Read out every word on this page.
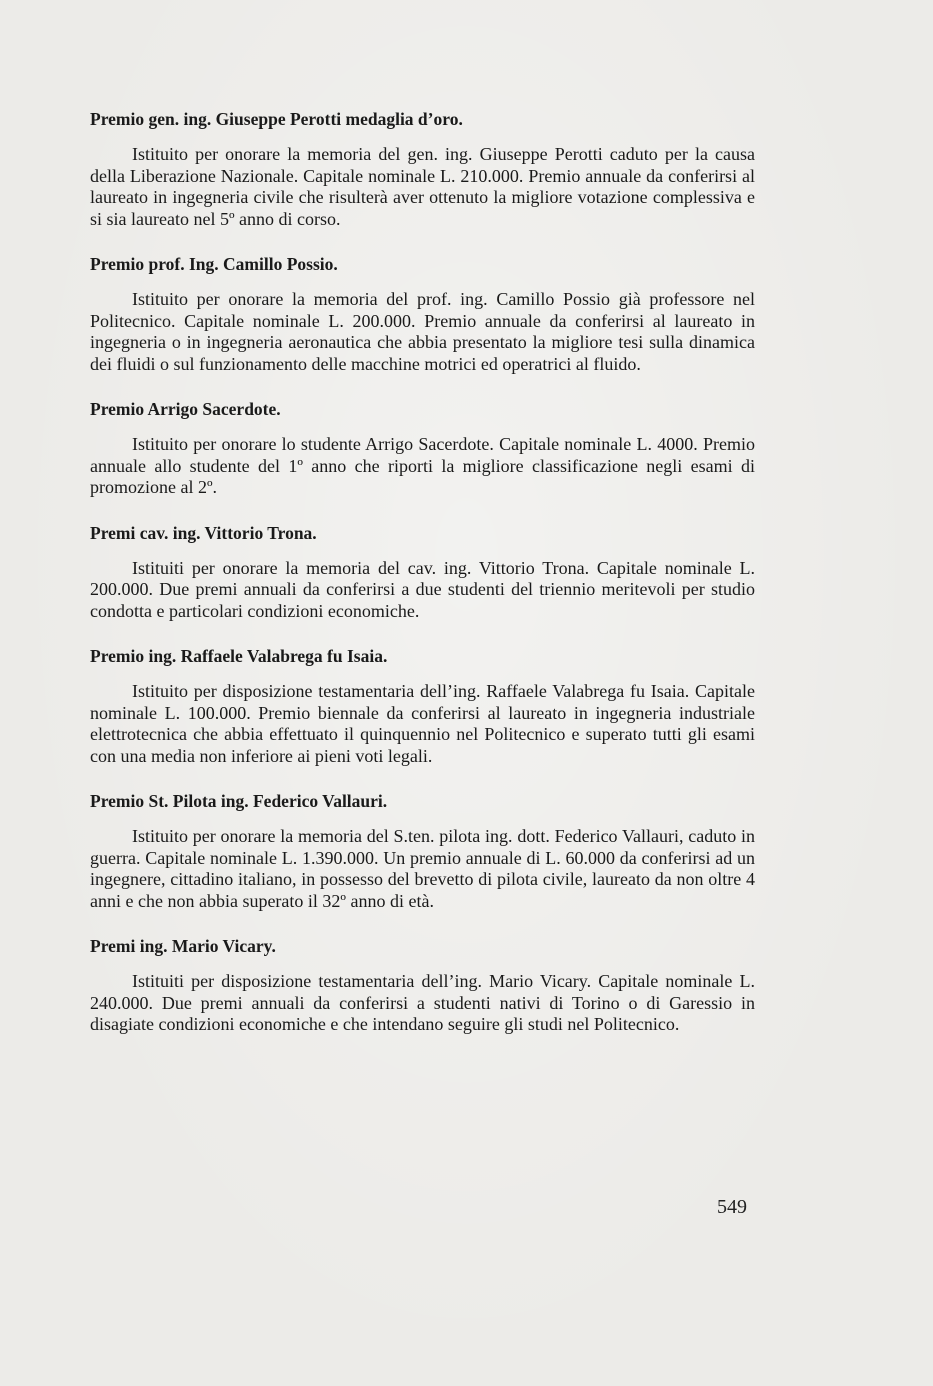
Premio gen. ing. Giuseppe Perotti medaglia d’oro.

Istituito per onorare la memoria del gen. ing. Giuseppe Perotti caduto per la causa della Liberazione Nazionale. Capitale nominale L. 210.000. Premio annuale da conferirsi al laureato in ingegneria civile che risulterà aver ottenuto la migliore votazione complessiva e si sia laureato nel 5º anno di corso.

Premio prof. Ing. Camillo Possio.

Istituito per onorare la memoria del prof. ing. Camillo Possio già professore nel Politecnico. Capitale nominale L. 200.000. Premio annuale da conferirsi al laureato in ingegneria o in ingegneria aeronautica che abbia presentato la migliore tesi sulla dinamica dei fluidi o sul funzionamento delle macchine motrici ed operatrici al fluido.

Premio Arrigo Sacerdote.

Istituito per onorare lo studente Arrigo Sacerdote. Capitale nominale L. 4000. Premio annuale allo studente del 1º anno che riporti la migliore classificazione negli esami di promozione al 2º.

Premi cav. ing. Vittorio Trona.

Istituiti per onorare la memoria del cav. ing. Vittorio Trona. Capitale nominale L. 200.000. Due premi annuali da conferirsi a due studenti del triennio meritevoli per studio condotta e particolari condizioni economiche.

Premio ing. Raffaele Valabrega fu Isaia.

Istituito per disposizione testamentaria dell’ing. Raffaele Valabrega fu Isaia. Capitale nominale L. 100.000. Premio biennale da conferirsi al laureato in ingegneria industriale elettrotecnica che abbia effettuato il quinquennio nel Politecnico e superato tutti gli esami con una media non inferiore ai pieni voti legali.

Premio St. Pilota ing. Federico Vallauri.

Istituito per onorare la memoria del S.ten. pilota ing. dott. Federico Vallauri, caduto in guerra. Capitale nominale L. 1.390.000. Un premio annuale di L. 60.000 da conferirsi ad un ingegnere, cittadino italiano, in possesso del brevetto di pilota civile, laureato da non oltre 4 anni e che non abbia superato il 32º anno di età.

Premi ing. Mario Vicary.

Istituiti per disposizione testamentaria dell’ing. Mario Vicary. Capitale nominale L. 240.000. Due premi annuali da conferirsi a studenti nativi di Torino o di Garessio in disagiate condizioni economiche e che intendano seguire gli studi nel Politecnico.

549
